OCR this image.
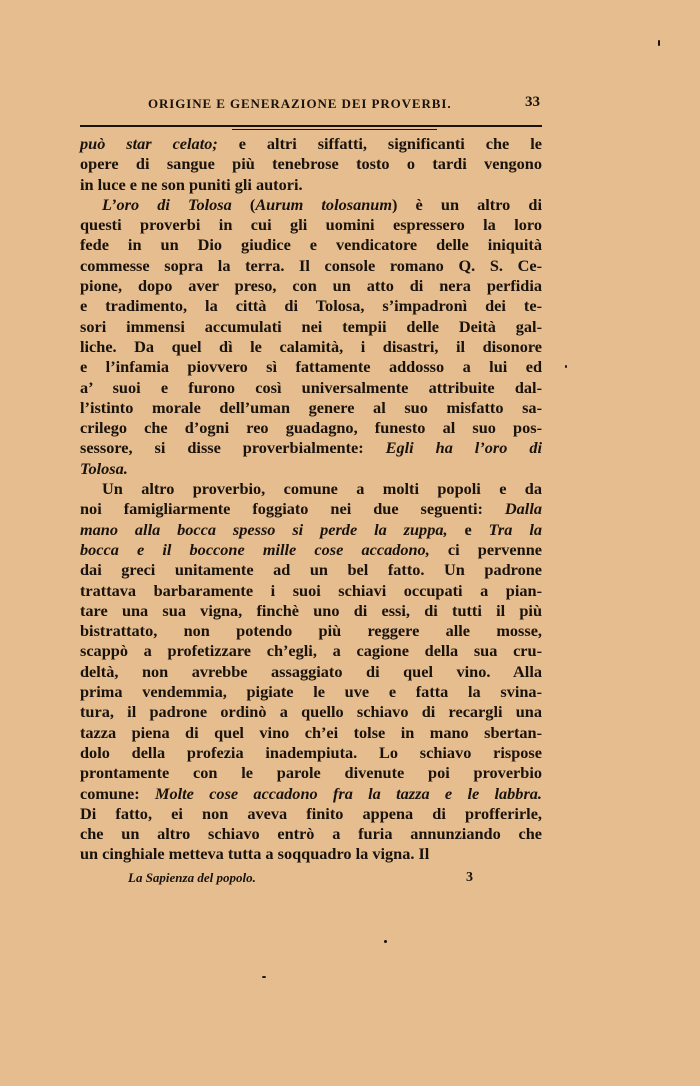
ORIGINE E GENERAZIONE DEI PROVERBI.	33

può star celato; e altri siffatti, significanti che le

opere di sangue più tenebrose tosto o tardi vengono

in luce e ne son puniti gli autori.

L’oro di Tolosa (Aurum tolosanum) è un altro di

questi proverbi in cui gli uomini espressero la loro

fede in un Dio giudice e vendicatore delle iniquità

commesse sopra la terra. Il console romano Q. S. Ce-

pione, dopo aver preso, con un atto di nera perfidia

e tradimento, la città di Tolosa, s’impadronì dei te-

sori immensi accumulati nei tempii delle Deità gal-

liche. Da quel dì le calamità, i disastri, il disonore

e l’infamia piovvero sì fattamente addosso a lui ed

a’ suoi e furono così universalmente attribuite dal-

l’istinto morale dell’uman genere al suo misfatto sa-

crilego che d’ogni reo guadagno, funesto al suo pos-

sessore, si disse proverbialmente: Egli ha l’oro di

Tolosa.

Un altro proverbio, comune a molti popoli e da

noi famigliarmente foggiato nei due seguenti: Dalla

mano alla bocca spesso si perde la zuppa, e Tra la

bocca e il boccone mille cose accadono, ci pervenne

dai greci unitamente ad un bel fatto. Un padrone

trattava barbaramente i suoi schiavi occupati a pian-

tare una sua vigna, finchè uno di essi, di tutti il più

bistrattato, non potendo più reggere alle mosse,

scappò a profetizzare ch’egli, a cagione della sua cru-

deltà, non avrebbe assaggiato di quel vino. Alla

prima vendemmia, pigiate le uve e fatta la svina-

tura, il padrone ordinò a quello schiavo di recargli una

tazza piena di quel vino ch’ei tolse in mano sbertan-

dolo della profezia inadempiuta. Lo schiavo rispose

prontamente con le parole divenute poi proverbio

comune: Molte cose accadono fra la tazza e le labbra.

Di fatto, ei non aveva finito appena di profferirle,

che un altro schiavo entrò a furia annunziando che

un cinghiale metteva tutta a soqquadro la vigna. Il

La Sapienza del popolo.	3
